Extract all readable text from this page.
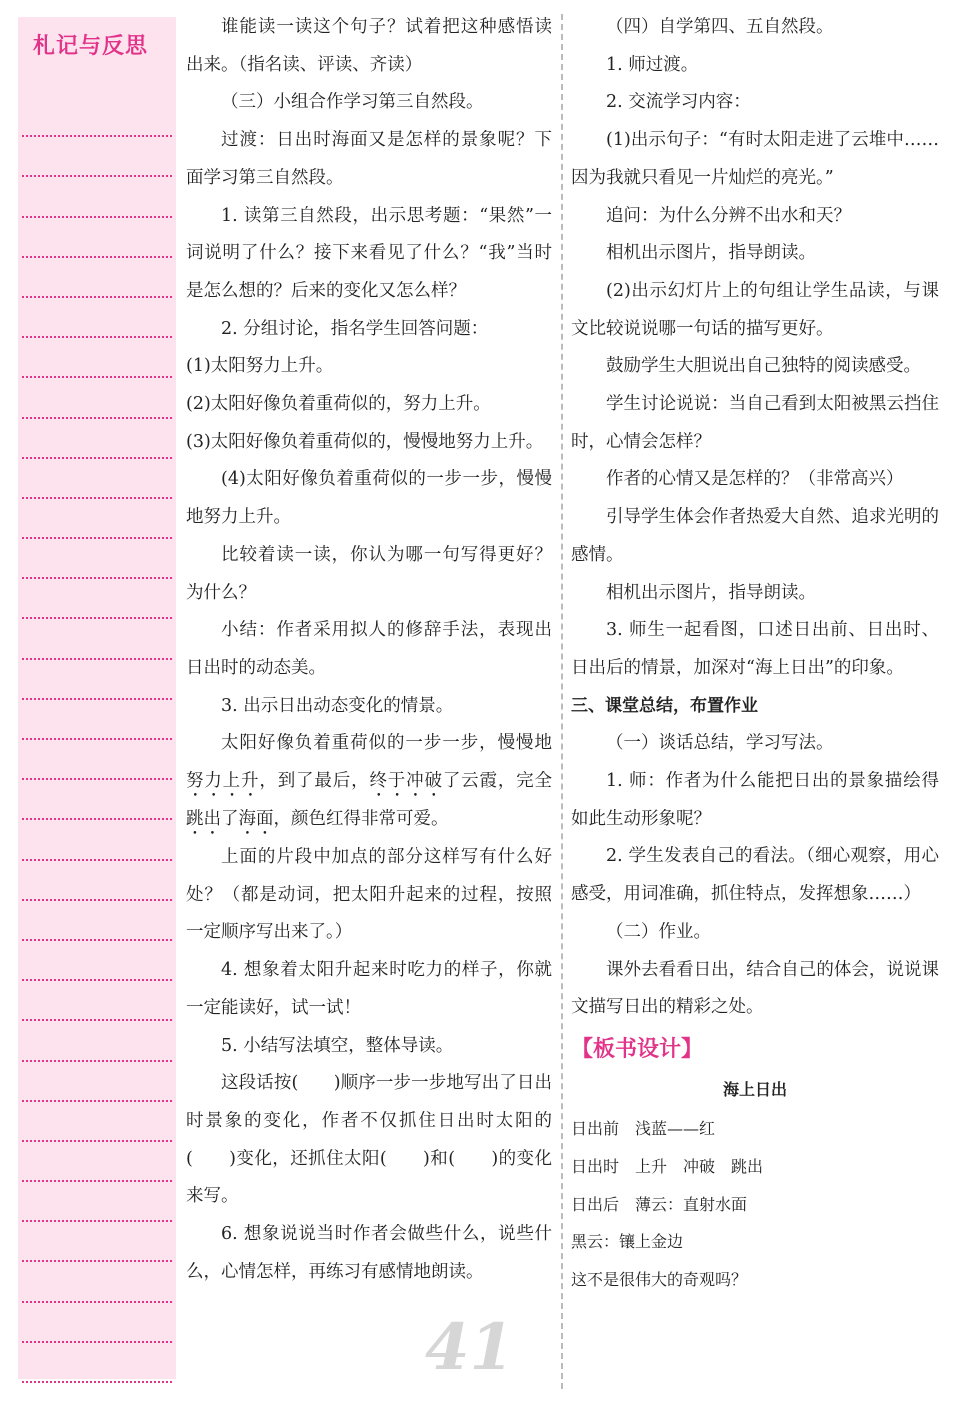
札记与反思

谁能读一读这个句子？试着把这种感悟读出来。（指名读、评读、齐读）

（三）小组合作学习第三自然段。

过渡：日出时海面又是怎样的景象呢？下面学习第三自然段。

1. 读第三自然段，出示思考题：“果然”一词说明了什么？接下来看见了什么？“我”当时是怎么想的？后来的变化又怎么样？

2. 分组讨论，指名学生回答问题：

(1)太阳努力上升。

(2)太阳好像负着重荷似的，努力上升。

(3)太阳好像负着重荷似的，慢慢地努力上升。

(4)太阳好像负着重荷似的一步一步，慢慢地努力上升。

比较着读一读，你认为哪一句写得更好？为什么？

小结：作者采用拟人的修辞手法，表现出日出时的动态美。

3. 出示日出动态变化的情景。

太阳好像负着重荷似的一步一步，慢慢地努力上升，到了最后，终于冲破了云霞，完全跳出了海面，颜色红得非常可爱。

上面的片段中加点的部分这样写有什么好处？（都是动词，把太阳升起来的过程，按照一定顺序写出来了。）

4. 想象着太阳升起来时吃力的样子，你就一定能读好，试一试！

5. 小结写法填空，整体导读。

这段话按(　　)顺序一步一步地写出了日出时景象的变化，作者不仅抓住日出时太阳的(　　)变化，还抓住太阳(　　)和(　　)的变化来写。

6. 想象说说当时作者会做些什么，说些什么，心情怎样，再练习有感情地朗读。

（四）自学第四、五自然段。

1. 师过渡。

2. 交流学习内容：

(1)出示句子：“有时太阳走进了云堆中……因为我就只看见一片灿烂的亮光。”

追问：为什么分辨不出水和天？

相机出示图片，指导朗读。

(2)出示幻灯片上的句组让学生品读，与课文比较说说哪一句话的描写更好。

鼓励学生大胆说出自己独特的阅读感受。

学生讨论说说：当自己看到太阳被黑云挡住时，心情会怎样？

作者的心情又是怎样的？（非常高兴）

引导学生体会作者热爱大自然、追求光明的感情。

相机出示图片，指导朗读。

3. 师生一起看图，口述日出前、日出时、日出后的情景，加深对“海上日出”的印象。

三、课堂总结，布置作业

（一）谈话总结，学习写法。

1. 师：作者为什么能把日出的景象描绘得如此生动形象呢？

2. 学生发表自己的看法。（细心观察，用心感受，用词准确，抓住特点，发挥想象……）

（二）作业。

课外去看看日出，结合自己的体会，说说课文描写日出的精彩之处。

【板书设计】
海上日出
日出前　浅蓝——红
日出时　上升　冲破　跳出
日出后　薄云：直射水面
黑云：镶上金边
这不是很伟大的奇观吗？
41
